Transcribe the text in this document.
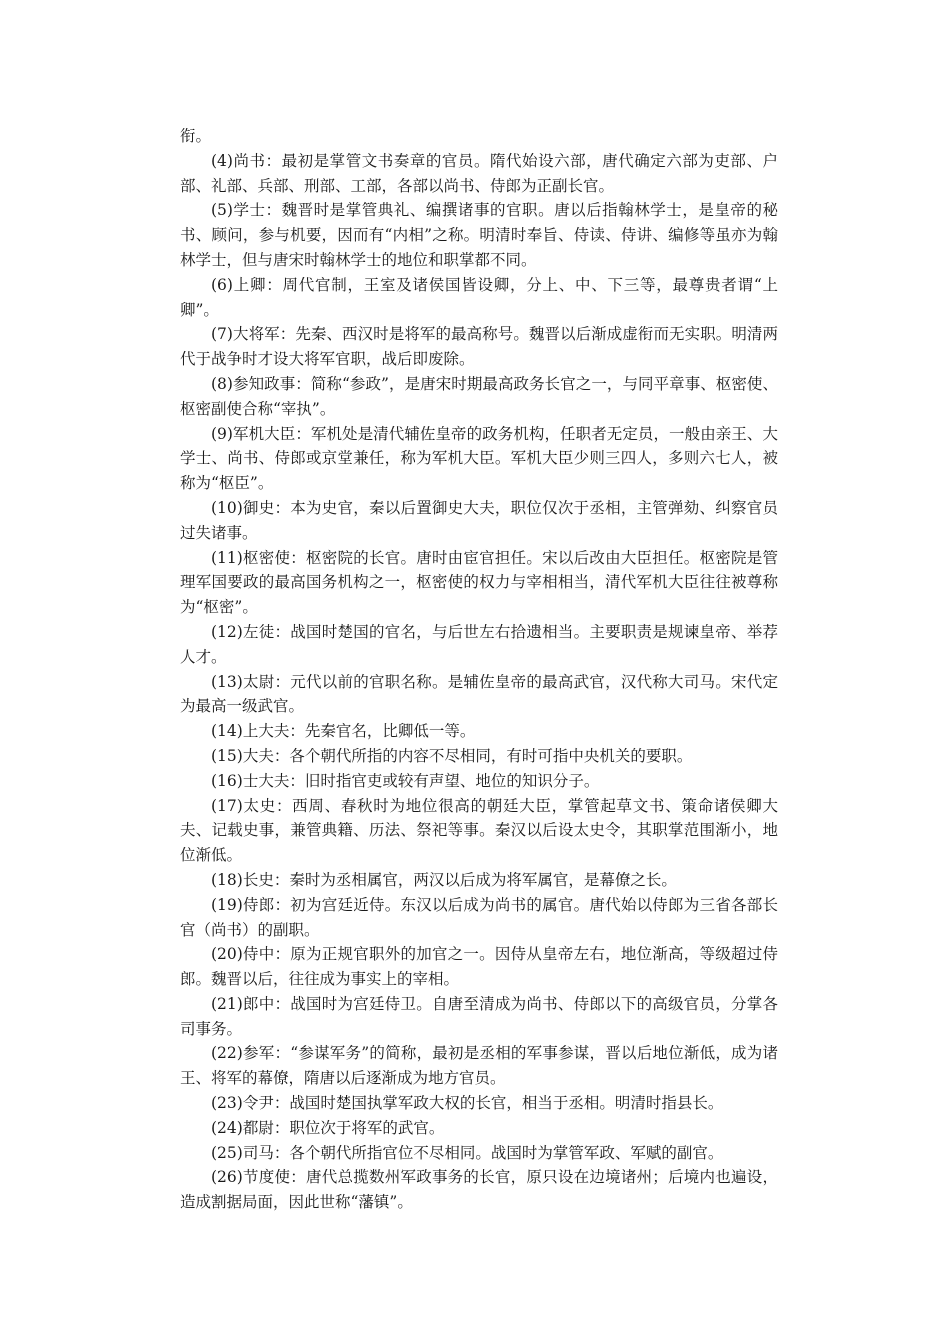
衔。

(4)尚书：最初是掌管文书奏章的官员。隋代始设六部，唐代确定六部为吏部、户部、礼部、兵部、刑部、工部，各部以尚书、侍郎为正副长官。

(5)学士：魏晋时是掌管典礼、编撰诸事的官职。唐以后指翰林学士，是皇帝的秘书、顾问，参与机要，因而有“内相”之称。明清时奉旨、侍读、侍讲、编修等虽亦为翰林学士，但与唐宋时翰林学士的地位和职掌都不同。

(6)上卿：周代官制，王室及诸侯国皆设卿，分上、中、下三等，最尊贵者谓“上卿”。

(7)大将军：先秦、西汉时是将军的最高称号。魏晋以后渐成虚衔而无实职。明清两代于战争时才设大将军官职，战后即废除。

(8)参知政事：简称“参政”，是唐宋时期最高政务长官之一，与同平章事、枢密使、枢密副使合称“宰执”。

(9)军机大臣：军机处是清代辅佐皇帝的政务机构，任职者无定员，一般由亲王、大学士、尚书、侍郎或京堂兼任，称为军机大臣。军机大臣少则三四人，多则六七人，被称为“枢臣”。

(10)御史：本为史官，秦以后置御史大夫，职位仅次于丞相，主管弹劾、纠察官员过失诸事。

(11)枢密使：枢密院的长官。唐时由宦官担任。宋以后改由大臣担任。枢密院是管理军国要政的最高国务机构之一，枢密使的权力与宰相相当，清代军机大臣往往被尊称为“枢密”。

(12)左徒：战国时楚国的官名，与后世左右拾遗相当。主要职责是规谏皇帝、举荐人才。

(13)太尉：元代以前的官职名称。是辅佐皇帝的最高武官，汉代称大司马。宋代定为最高一级武官。

(14)上大夫：先秦官名，比卿低一等。

(15)大夫：各个朝代所指的内容不尽相同，有时可指中央机关的要职。

(16)士大夫：旧时指官吏或较有声望、地位的知识分子。

(17)太史：西周、春秋时为地位很高的朝廷大臣，掌管起草文书、策命诸侯卿大夫、记载史事，兼管典籍、历法、祭祀等事。秦汉以后设太史令，其职掌范围渐小，地位渐低。

(18)长史：秦时为丞相属官，两汉以后成为将军属官，是幕僚之长。

(19)侍郎：初为宫廷近侍。东汉以后成为尚书的属官。唐代始以侍郎为三省各部长官（尚书）的副职。

(20)侍中：原为正规官职外的加官之一。因侍从皇帝左右，地位渐高，等级超过侍郎。魏晋以后，往往成为事实上的宰相。

(21)郎中：战国时为宫廷侍卫。自唐至清成为尚书、侍郎以下的高级官员，分掌各司事务。

(22)参军：“参谋军务”的简称，最初是丞相的军事参谋，晋以后地位渐低，成为诸王、将军的幕僚，隋唐以后逐渐成为地方官员。

(23)令尹：战国时楚国执掌军政大权的长官，相当于丞相。明清时指县长。

(24)都尉：职位次于将军的武官。

(25)司马：各个朝代所指官位不尽相同。战国时为掌管军政、军赋的副官。

(26)节度使：唐代总揽数州军政事务的长官，原只设在边境诸州；后境内也遍设，造成割据局面，因此世称“藩镇”。
